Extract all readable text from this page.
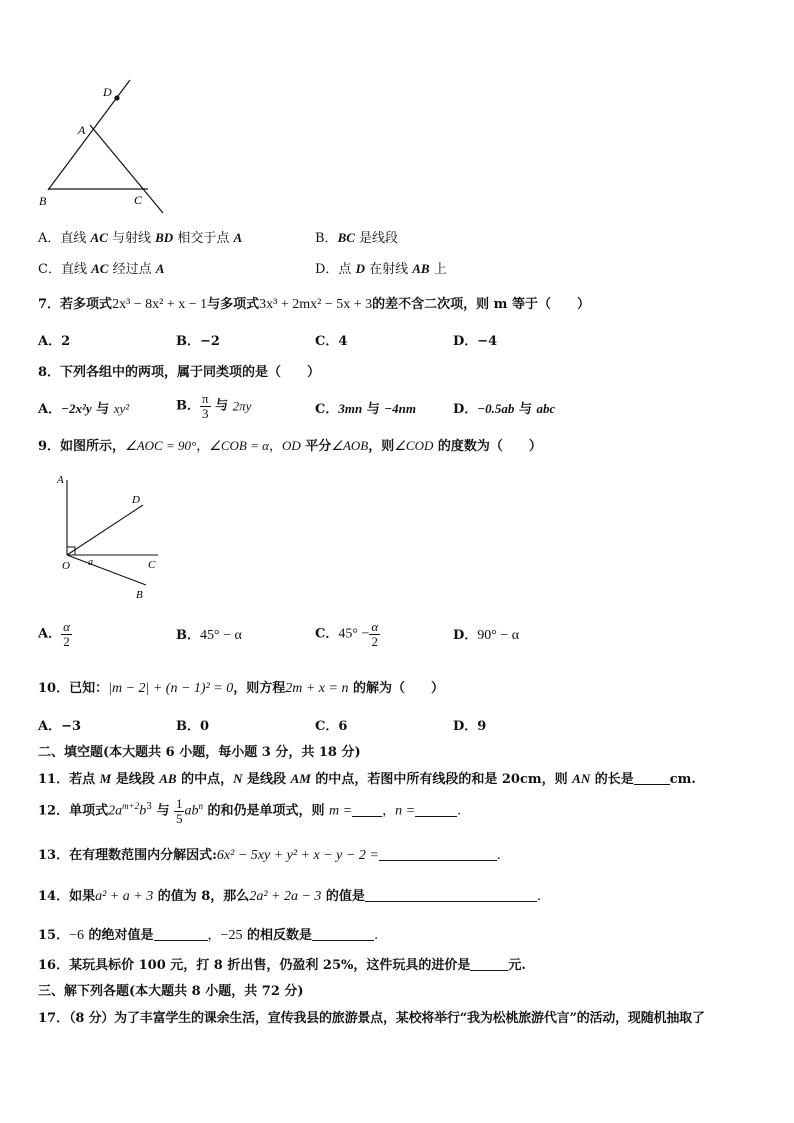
D
A
B	C
A．直线 AC 与射线 BD 相交于点 A	B．BC 是线段
C．直线 AC 经过点 A	D．点 D 在射线 AB 上
7．若多项式2x³ − 8x² + x − 1与多项式3x³ + 2mx² − 5x + 3的差不含二次项，则 m 等于（　　）
A．2	B．−2	C．4	D．−4
8．下列各组中的两项，属于同类项的是（　　）
A．−2x²y 与 xy²	B． $\frac{\pi}{3}$ 与 2πy	C．3mn 与 −4nm	D．−0.5ab 与 abc
9．如图所示，∠AOC = 90°，∠COB = α，OD 平分∠AOB，则∠COD 的度数为（　　）
A
D
O a	C
B
A． $\frac{\alpha}{2}$	B．45° − α	C．$45^\circ - \frac{\alpha}{2}$	D．90° − α
10．已知：|m − 2| + (n − 1)² = 0，则方程2m + x = n 的解为（　　）
A．−3	B．0	C．6	D．9
二、填空题(本大题共 6 小题，每小题 3 分，共 18 分)
11．若点 M 是线段 AB 的中点，N 是线段 AM 的中点，若图中所有线段的和是 20cm，则 AN 的长是	cm.
12．单项式$2a^{m+2}b^3$ 与 $\frac{1}{5} ab^n$ 的和仍是单项式，则 m = ，n =	.
13．在有理数范围内分解因式:6x² − 5xy + y² + x − y − 2 =	.
14．如果a² + a + 3 的值为 8，那么2a² + 2a − 3 的值是	.
15．−6 的绝对值是	，−25 的相反数是	.
16．某玩具标价 100 元，打 8 折出售，仍盈利 25%，这件玩具的进价是	元.
三、解下列各题(本大题共 8 小题，共 72 分)
17．（8 分）为了丰富学生的课余生活，宣传我县的旅游景点，某校将举行“我为松桃旅游代言”的活动，现随机抽取了
